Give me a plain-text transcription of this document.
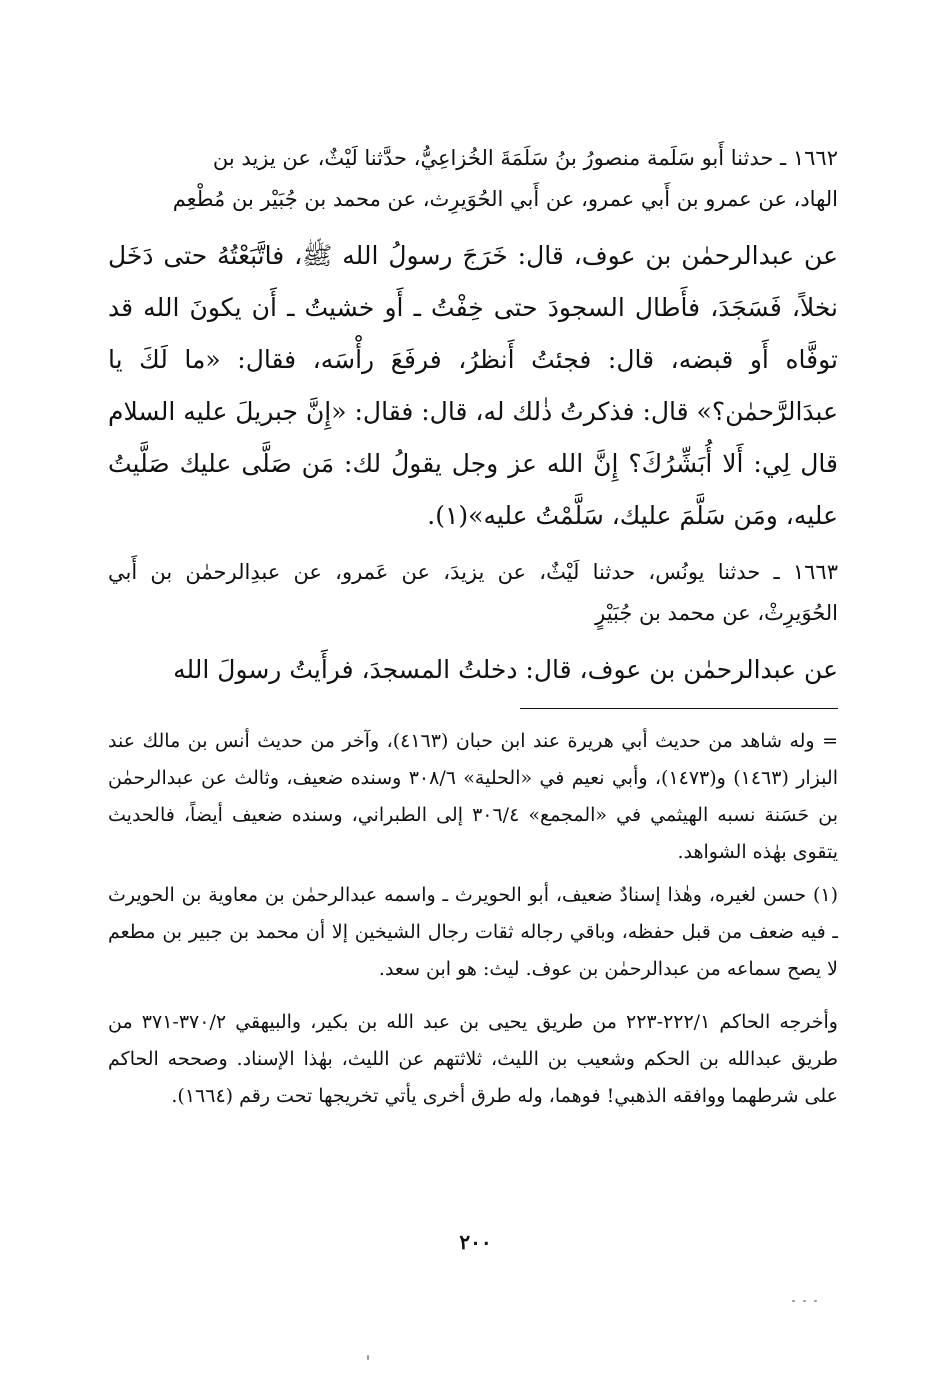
١٦٦٢ ـ حدثنا أَبو سَلَمة منصورُ بنُ سَلَمَةَ الخُزاعِيُّ، حدَّثنا لَيْثٌ، عن يزيد بن

الهاد، عن عمرو بن أَبي عمرو، عن أَبي الحُوَيرِث، عن محمد بن جُبَيْر بن مُطْعِم

عن عبدالرحمٰن بن عوف، قال: خَرَجَ رسولُ الله ﷺ، فاتَّبَعْتُهُ حتى دَخَل نخلاً، فَسَجَدَ، فأَطال السجودَ حتى خِفْتُ ـ أَو خشيتُ ـ أَن يكونَ الله قد توفَّاه أَو قبضه، قال: فجئتُ أَنظرُ، فرفَعَ رأْسَه، فقال: «ما لَكَ يا عبدَالرَّحمٰن؟» قال: فذكرتُ ذٰلك له، قال: فقال: «إِنَّ جبريلَ عليه السلام قال لِي: أَلا أُبَشِّرُكَ؟ إِنَّ الله عز وجل يقولُ لك: مَن صَلَّى عليك صَلَّيتُ عليه، ومَن سَلَّمَ عليك، سَلَّمْتُ عليه»(١).

١٦٦٣ ـ حدثنا يونُس، حدثنا لَيْثٌ، عن يزيدَ، عن عَمرو، عن عبدِالرحمٰن بن أَبي الحُوَيرِثْ، عن محمد بن جُبَيْرٍ

عن عبدالرحمٰن بن عوف، قال: دخلتُ المسجدَ، فرأَيتُ رسولَ الله

= وله شاهد من حديث أبي هريرة عند ابن حبان (٤١٦٣)، وآخر من حديث أنس بن مالك عند البزار (١٤٦٣) و(١٤٧٣)، وأبي نعيم في «الحلية» ٣٠٨/٦ وسنده ضعيف، وثالث عن عبدالرحمٰن بن حَسَنة نسبه الهيثمي في «المجمع» ٣٠٦/٤ إلى الطبراني، وسنده ضعيف أيضاً، فالحديث يتقوى بهٰذه الشواهد.

(١) حسن لغيره، وهٰذا إسنادٌ ضعيف، أبو الحويرث ـ واسمه عبدالرحمٰن بن معاوية بن الحويرث ـ فيه ضعف من قبل حفظه، وباقي رجاله ثقات رجال الشيخين إلا أن محمد بن جبير بن مطعم لا يصح سماعه من عبدالرحمٰن بن عوف. ليث: هو ابن سعد.

وأخرجه الحاكم ٢٢٢/١-٢٢٣ من طريق يحيى بن عبد الله بن بكير، والبيهقي ٣٧٠/٢-٣٧١ من طريق عبدالله بن الحكم وشعيب بن الليث، ثلاثتهم عن الليث، بهٰذا الإسناد. وصححه الحاكم على شرطهما ووافقه الذهبي! فوهما، وله طرق أخرى يأتي تخريجها تحت رقم (١٦٦٤).

٢٠٠
